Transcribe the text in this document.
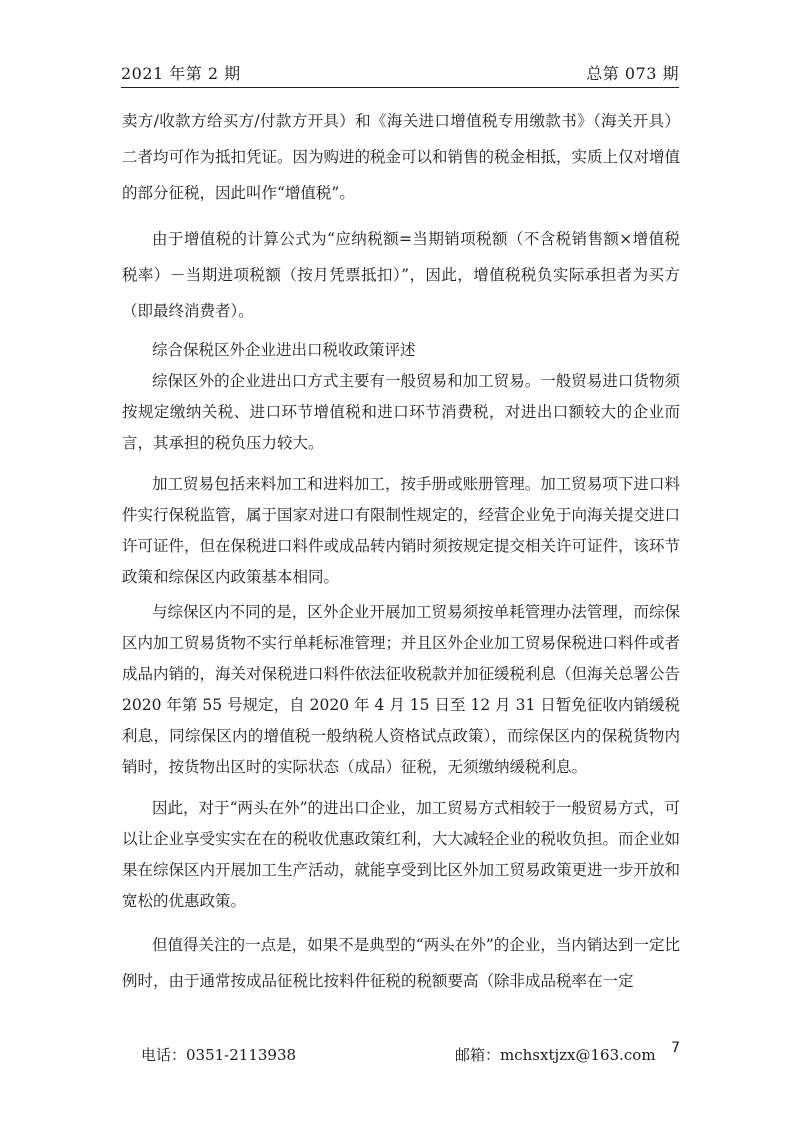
2021 年第 2 期	总第 073 期

卖方/收款方给买方/付款方开具）和《海关进口增值税专用缴款书》（海关开具）二者均可作为抵扣凭证。因为购进的税金可以和销售的税金相抵，实质上仅对增值的部分征税，因此叫作“增值税”。

由于增值税的计算公式为“应纳税额=当期销项税额（不含税销售额×增值税税率）－当期进项税额（按月凭票抵扣）”，因此，增值税税负实际承担者为买方（即最终消费者）。

综合保税区外企业进出口税收政策评述

综保区外的企业进出口方式主要有一般贸易和加工贸易。一般贸易进口货物须按规定缴纳关税、进口环节增值税和进口环节消费税，对进出口额较大的企业而言，其承担的税负压力较大。

加工贸易包括来料加工和进料加工，按手册或账册管理。加工贸易项下进口料件实行保税监管，属于国家对进口有限制性规定的，经营企业免于向海关提交进口许可证件，但在保税进口料件或成品转内销时须按规定提交相关许可证件，该环节政策和综保区内政策基本相同。

与综保区内不同的是，区外企业开展加工贸易须按单耗管理办法管理，而综保区内加工贸易货物不实行单耗标准管理；并且区外企业加工贸易保税进口料件或者成品内销的，海关对保税进口料件依法征收税款并加征缓税利息（但海关总署公告 2020 年第 55 号规定，自 2020 年 4 月 15 日至 12 月 31 日暂免征收内销缓税利息，同综保区内的增值税一般纳税人资格试点政策），而综保区内的保税货物内销时，按货物出区时的实际状态（成品）征税，无须缴纳缓税利息。

因此，对于“两头在外”的进出口企业，加工贸易方式相较于一般贸易方式，可以让企业享受实实在在的税收优惠政策红利，大大减轻企业的税收负担。而企业如果在综保区内开展加工生产活动，就能享受到比区外加工贸易政策更进一步开放和宽松的优惠政策。

但值得关注的一点是，如果不是典型的“两头在外”的企业，当内销达到一定比例时，由于通常按成品征税比按料件征税的税额要高（除非成品税率在一定

电话：0351-2113938	邮箱：mchsxtjzx@163.com 7
